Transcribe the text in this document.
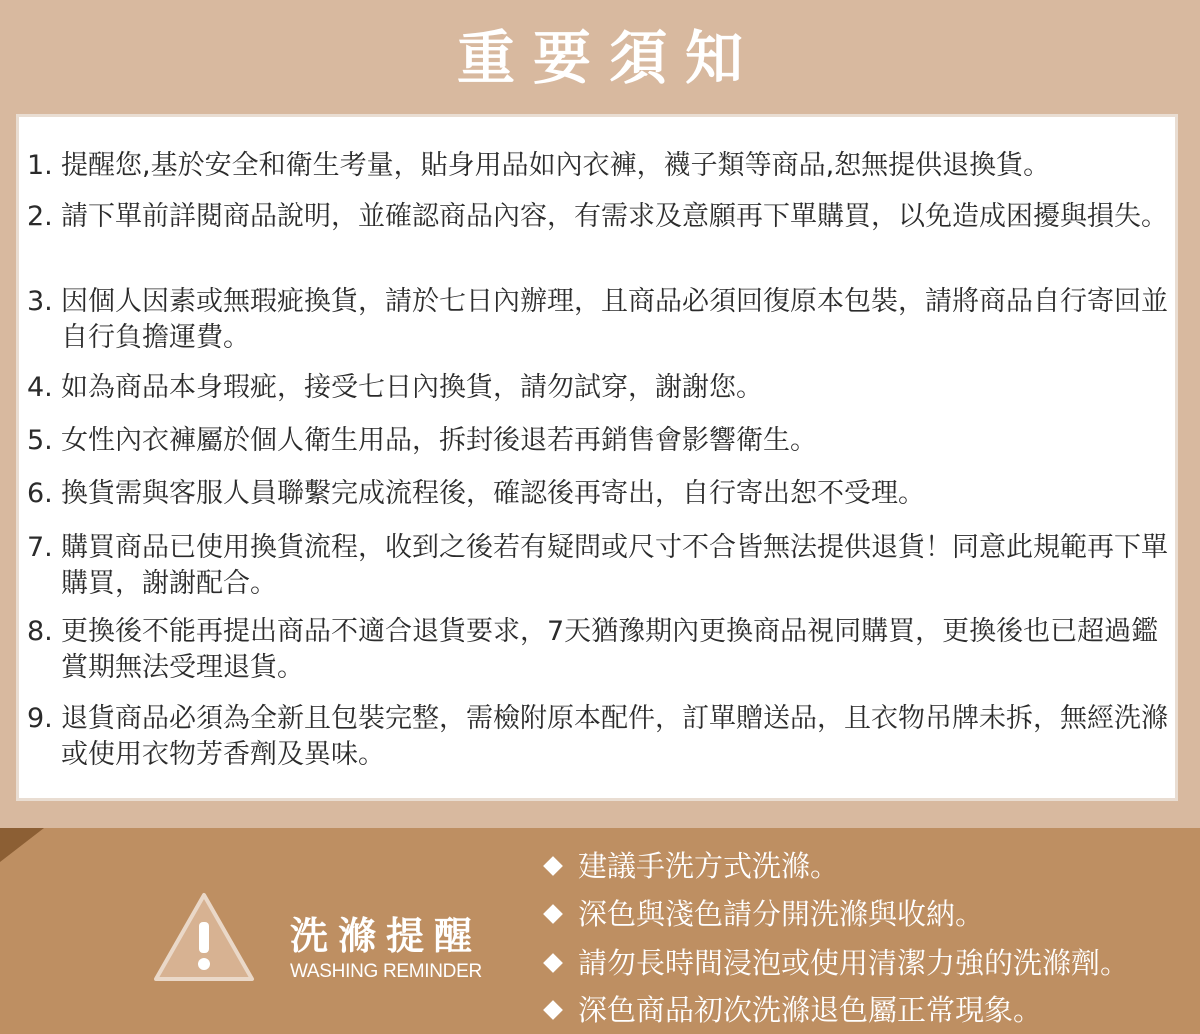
重要須知
1. 提醒您,基於安全和衛生考量，貼身用品如內衣褲，襪子類等商品,恕無提供退換貨。
2. 請下單前詳閱商品說明，並確認商品內容，有需求及意願再下單購買，以免造成困擾與損失。
3. 因個人因素或無瑕疵換貨，請於七日內辦理，且商品必須回復原本包裝，請將商品自行寄回並自行負擔運費。
4. 如為商品本身瑕疵，接受七日內換貨，請勿試穿，謝謝您。
5. 女性內衣褲屬於個人衛生用品，拆封後退若再銷售會影響衛生。
6. 換貨需與客服人員聯繫完成流程後，確認後再寄出，自行寄出恕不受理。
7. 購買商品已使用換貨流程，收到之後若有疑問或尺寸不合皆無法提供退貨！同意此規範再下單購買，謝謝配合。
8. 更換後不能再提出商品不適合退貨要求，7天猶豫期內更換商品視同購買，更換後也已超過鑑賞期無法受理退貨。
9. 退貨商品必須為全新且包裝完整，需檢附原本配件，訂單贈送品，且衣物吊牌未拆，無經洗滌或使用衣物芳香劑及異味。
洗滌提醒
WASHING REMINDER
建議手洗方式洗滌。
深色與淺色請分開洗滌與收納。
請勿長時間浸泡或使用清潔力強的洗滌劑。
深色商品初次洗滌退色屬正常現象。
